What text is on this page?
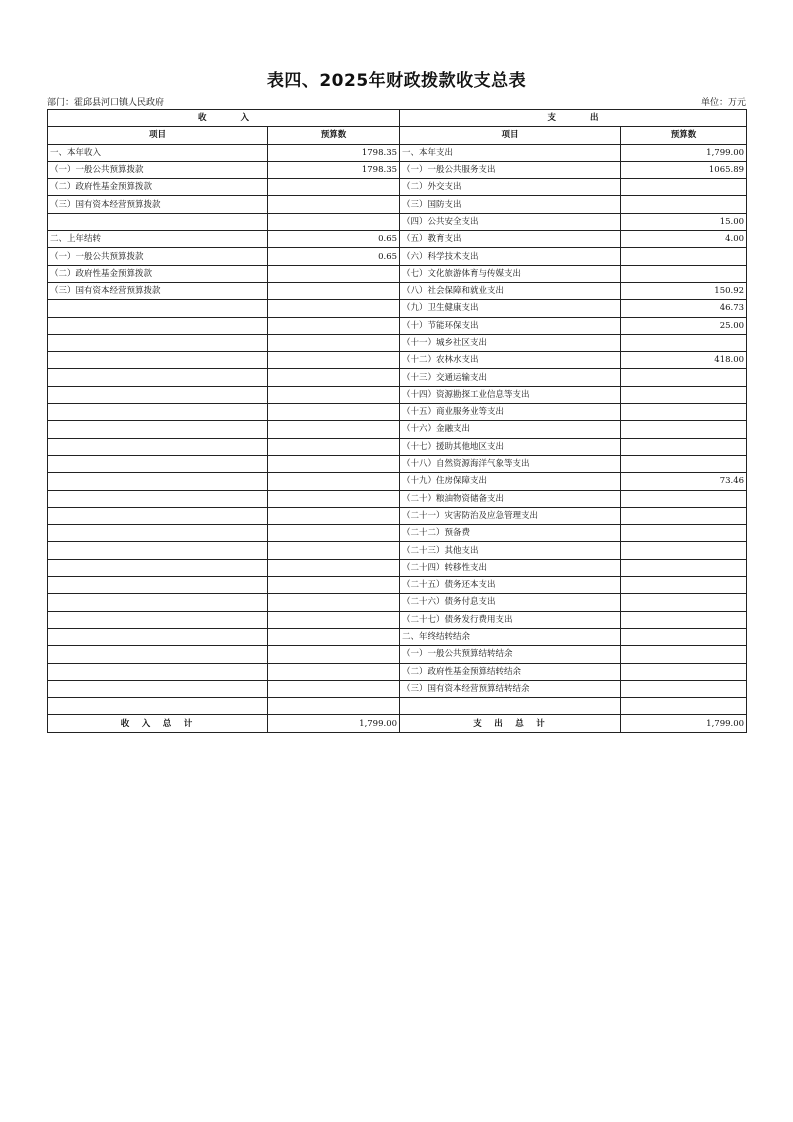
表四、2025年财政拨款收支总表
部门：霍邱县河口镇人民政府	单位：万元
收　　　　入		支　　　　出	
项目	预算数	项目	预算数
一、本年收入	1798.35	一、本年支出	1,799.00
（一）一般公共预算拨款	1798.35	（一）一般公共服务支出	1065.89
（二）政府性基金预算拨款		（二）外交支出	
（三）国有资本经营预算拨款		（三）国防支出	
		（四）公共安全支出	15.00
二、上年结转	0.65	（五）教育支出	4.00
（一）一般公共预算拨款	0.65	（六）科学技术支出	
（二）政府性基金预算拨款		（七）文化旅游体育与传媒支出	
（三）国有资本经营预算拨款		（八）社会保障和就业支出	150.92
		（九）卫生健康支出	46.73
		（十）节能环保支出	25.00
		（十一）城乡社区支出	
		（十二）农林水支出	418.00
		（十三）交通运输支出	
		（十四）资源勘探工业信息等支出	
		（十五）商业服务业等支出	
		（十六）金融支出	
		（十七）援助其他地区支出	
		（十八）自然资源海洋气象等支出	
		（十九）住房保障支出	73.46
		（二十）粮油物资储备支出	
		（二十一）灾害防治及应急管理支出	
		（二十二）预备费	
		（二十三）其他支出	
		（二十四）转移性支出	
		（二十五）债务还本支出	
		（二十六）债务付息支出	
		（二十七）债务发行费用支出	
		二、年终结转结余	
		（一）一般公共预算结转结余	
		（二）政府性基金预算结转结余	
		（三）国有资本经营预算结转结余	

收　入　总　计	1,799.00	支　出　总　计	1,799.00
